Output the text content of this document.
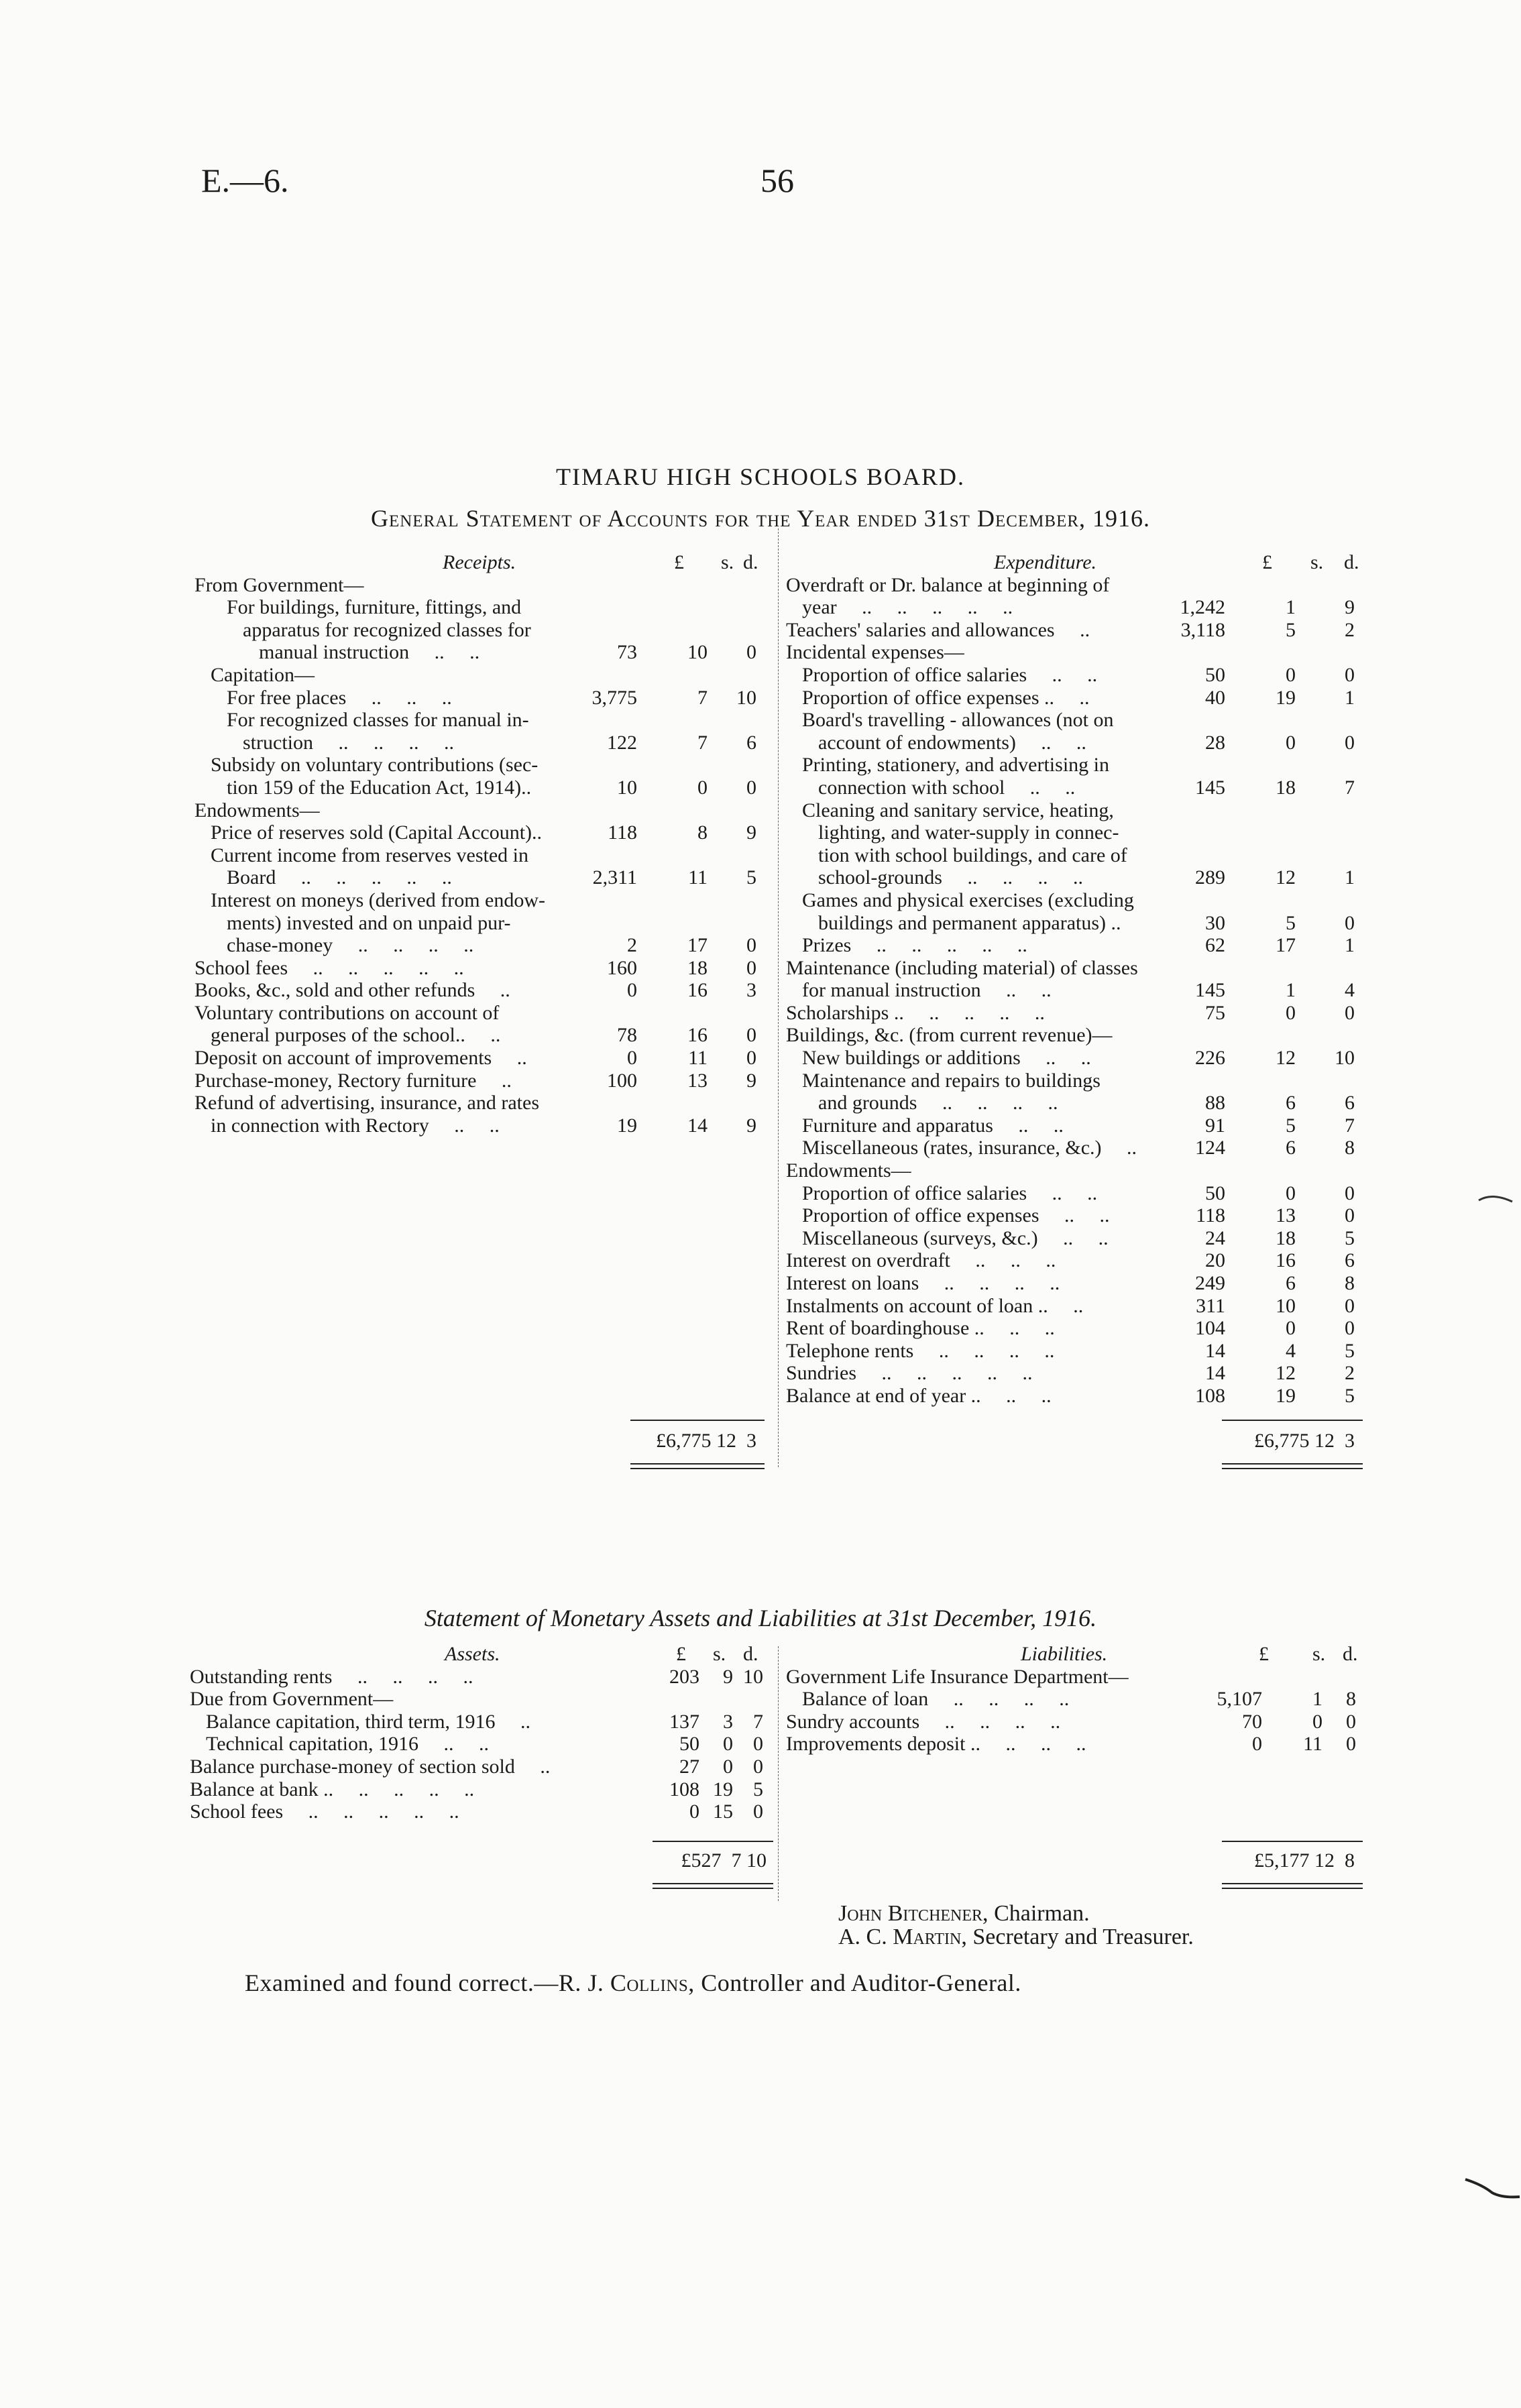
E.—6.	56
TIMARU HIGH SCHOOLS BOARD.
General Statement of Accounts for the Year ended 31st December, 1916.
Receipts.	£ s. d.
From Government—
For buildings, furniture, fittings, and
apparatus for recognized classes for
manual instruction     ..     ..	73	10	0
Capitation—
For free places     ..     ..     ..	3,775	7	10
For recognized classes for manual in-
struction     ..     ..     ..     ..	122	7	6
Subsidy on voluntary contributions (sec-
tion 159 of the Education Act, 1914)..	10	0	0
Endowments—
Price of reserves sold (Capital Account)..	118	8	9
Current income from reserves vested in
Board     ..     ..     ..     ..     ..	2,311	11	5
Interest on moneys (derived from endow-
ments) invested and on unpaid pur-
chase-money     ..     ..     ..     ..	2	17	0
School fees     ..     ..     ..     ..     ..	160	18	0
Books, &c., sold and other refunds     ..	0	16	3
Voluntary contributions on account of
general purposes of the school..     ..	78	16	0
Deposit on account of improvements     ..	0	11	0
Purchase-money, Rectory furniture     ..	100	13	9
Refund of advertising, insurance, and rates
in connection with Rectory     ..     ..	19	14	9
£6,775 12  3
Expenditure.	£ s. d.
Overdraft or Dr. balance at beginning of
year     ..     ..     ..     ..     ..	1,242	1	9
Teachers' salaries and allowances     ..	3,118	5	2
Incidental expenses—
Proportion of office salaries     ..     ..	50	0	0
Proportion of office expenses ..     ..	40	19	1
Board's travelling - allowances (not on
account of endowments)     ..     ..	28	0	0
Printing, stationery, and advertising in
connection with school     ..     ..	145	18	7
Cleaning and sanitary service, heating,
lighting, and water-supply in connec-
tion with school buildings, and care of
school-grounds     ..     ..     ..     ..	289	12	1
Games and physical exercises (excluding
buildings and permanent apparatus) ..	30	5	0
Prizes     ..     ..     ..     ..     ..	62	17	1
Maintenance (including material) of classes
for manual instruction     ..     ..	145	1	4
Scholarships ..     ..     ..     ..     ..	75	0	0
Buildings, &c. (from current revenue)—
New buildings or additions     ..     ..	226	12	10
Maintenance and repairs to buildings
and grounds     ..     ..     ..     ..	88	6	6
Furniture and apparatus     ..     ..	91	5	7
Miscellaneous (rates, insurance, &c.)     ..	124	6	8
Endowments—
Proportion of office salaries     ..     ..	50	0	0
Proportion of office expenses     ..     ..	118	13	0
Miscellaneous (surveys, &c.)     ..     ..	24	18	5
Interest on overdraft     ..     ..     ..	20	16	6
Interest on loans     ..     ..     ..     ..	249	6	8
Instalments on account of loan ..     ..	311	10	0
Rent of boardinghouse ..     ..     ..	104	0	0
Telephone rents     ..     ..     ..     ..	14	4	5
Sundries     ..     ..     ..     ..     ..	14	12	2
Balance at end of year ..     ..     ..	108	19	5
£6,775 12  3
Statement of Monetary Assets and Liabilities at 31st December, 1916.
Assets.	£ s. d.
Outstanding rents     ..     ..     ..     ..	203	9 10
Due from Government—
Balance capitation, third term, 1916     ..	137	3	7
Technical capitation, 1916     ..     ..	50	0	0
Balance purchase-money of section sold     ..	27	0	0
Balance at bank ..     ..     ..     ..     ..	108 19	5
School fees     ..     ..     ..     ..     ..	0 15	0
£527  7 10
Liabilities.	£ s. d.
Government Life Insurance Department—
Balance of loan     ..     ..     ..     ..	5,107	1	8
Sundry accounts     ..     ..     ..     ..	70	0	0
Improvements deposit ..     ..     ..     ..	0	11	0
£5,177 12  8
John Bitchener, Chairman.
A. C. Martin, Secretary and Treasurer.
Examined and found correct.—R. J. Collins, Controller and Auditor-General.
